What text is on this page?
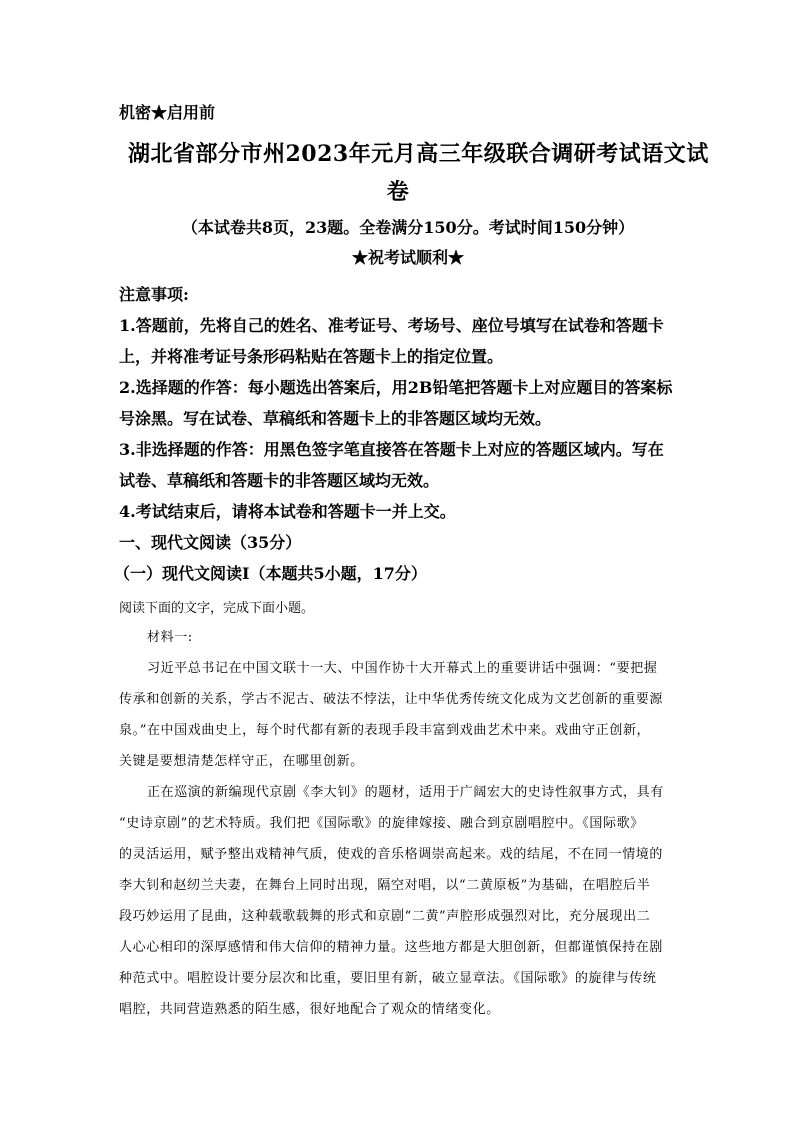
机密★启用前
湖北省部分市州2023年元月高三年级联合调研考试语文试
卷
（本试卷共8页，23题。全卷满分150分。考试时间150分钟）
★祝考试顺利★
注意事项:
1.答题前，先将自己的姓名、准考证号、考场号、座位号填写在试卷和答题卡
上，并将准考证号条形码粘贴在答题卡上的指定位置。
2.选择题的作答：每小题选出答案后，用2B铅笔把答题卡上对应题目的答案标
号涂黑。写在试卷、草稿纸和答题卡上的非答题区域均无效。
3.非选择题的作答：用黑色签字笔直接答在答题卡上对应的答题区域内。写在
试卷、草稿纸和答题卡的非答题区域均无效。
4.考试结束后，请将本试卷和答题卡一并上交。
一、现代文阅读（35分）
（一）现代文阅读Ⅰ（本题共5小题，17分）
阅读下面的文字，完成下面小题。
材料一:
习近平总书记在中国文联十一大、中国作协十大开幕式上的重要讲话中强调：“要把握
传承和创新的关系，学古不泥古、破法不悖法，让中华优秀传统文化成为文艺创新的重要源
泉。”在中国戏曲史上，每个时代都有新的表现手段丰富到戏曲艺术中来。戏曲守正创新，
关键是要想清楚怎样守正，在哪里创新。
正在巡演的新编现代京剧《李大钊》的题材，适用于广阔宏大的史诗性叙事方式，具有
“史诗京剧”的艺术特质。我们把《国际歌》的旋律嫁接、融合到京剧唱腔中。《国际歌》
的灵活运用，赋予整出戏精神气质，使戏的音乐格调崇高起来。戏的结尾，不在同一情境的
李大钊和赵纫兰夫妻，在舞台上同时出现，隔空对唱，以“二黄原板”为基础，在唱腔后半
段巧妙运用了昆曲，这种载歌载舞的形式和京剧“二黄”声腔形成强烈对比，充分展现出二
人心心相印的深厚感情和伟大信仰的精神力量。这些地方都是大胆创新，但都谨慎保持在剧
种范式中。唱腔设计要分层次和比重，要旧里有新，破立显章法。《国际歌》的旋律与传统
唱腔，共同营造熟悉的陌生感，很好地配合了观众的情绪变化。
